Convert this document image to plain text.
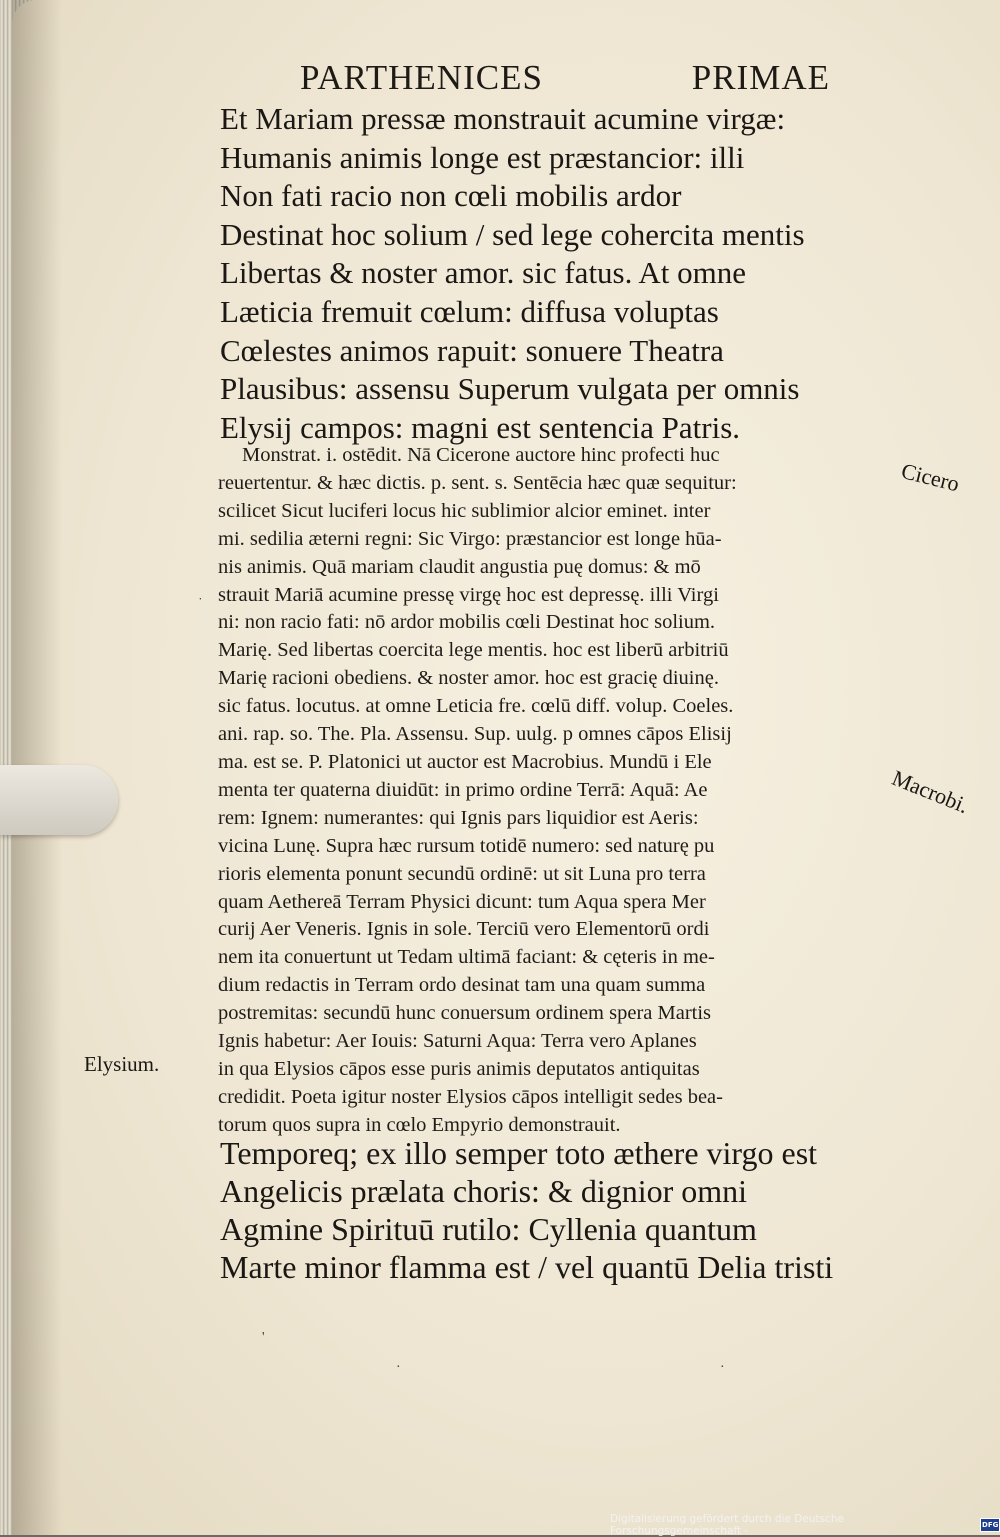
PARTHENICES	PRIMAE
Et Mariam pressæ monstrauit acumine virgæ:
Humanis animis longe est præstancior: illi
Non fati racio non cœli mobilis ardor
Destinat hoc solium / sed lege cohercita mentis
Libertas & noster amor. sic fatus. At omne
Læticia fremuit cœlum: diffusa voluptas
Cœlestes animos rapuit: sonuere Theatra
Plausibus: assensu Superum vulgata per omnis
Elysij campos: magni est sentencia Patris.
Monstrat. i. ostēdit. Nā Cicerone auctore hinc profecti huc
reuertentur. & hæc dictis. p. sent. s. Sentēcia hæc quæ sequitur:
scilicet Sicut luciferi locus hic sublimior alcior eminet. inter
mi. sedilia æterni regni: Sic Virgo: præstancior est longe hūa-
nis animis. Quā mariam claudit angustia puę domus: & mō
strauit Mariā acumine pressę virgę hoc est depressę. illi Virgi
ni: non racio fati: nō ardor mobilis cœli Destinat hoc solium.
Marię. Sed libertas coercita lege mentis. hoc est liberū arbitriū
Marię racioni obediens. & noster amor. hoc est gracię diuinę.
sic fatus. locutus. at omne Leticia fre. cœlū diff. volup. Coeles.
ani. rap. so. The. Pla. Assensu. Sup. uulg. p omnes cāpos Elisij
ma. est se. P. Platonici ut auctor est Macrobius. Mundū i Ele
menta ter quaterna diuidūt: in primo ordine Terrā: Aquā: Ae
rem: Ignem: numerantes: qui Ignis pars liquidior est Aeris:
vicina Lunę. Supra hæc rursum totidē numero: sed naturę pu
rioris elementa ponunt secundū ordinē: ut sit Luna pro terra
quam Aethereā Terram Physici dicunt: tum Aqua spera Mer
curij Aer Veneris. Ignis in sole. Terciū vero Elementorū ordi
nem ita conuertunt ut Tedam ultimā faciant: & cęteris in me-
dium redactis in Terram ordo desinat tam una quam summa
postremitas: secundū hunc conuersum ordinem spera Martis
Ignis habetur: Aer Iouis: Saturni Aqua: Terra vero Aplanes
in qua Elysios cāpos esse puris animis deputatos antiquitas
credidit. Poeta igitur noster Elysios cāpos intelligit sedes bea-
torum quos supra in cœlo Empyrio demonstrauit.
Temporeq; ex illo semper toto æthere virgo est
Angelicis prælata choris: & dignior omni
Agmine Spirituū rutilo: Cyllenia quantum
Marte minor flamma est / vel quantū Delia tristi
Cicero
Macrobi.
Elysium.
˙
'
·	·
Digitalisierung gefördert durch die Deutsche Forschungsgemeinschaft -	DFG
